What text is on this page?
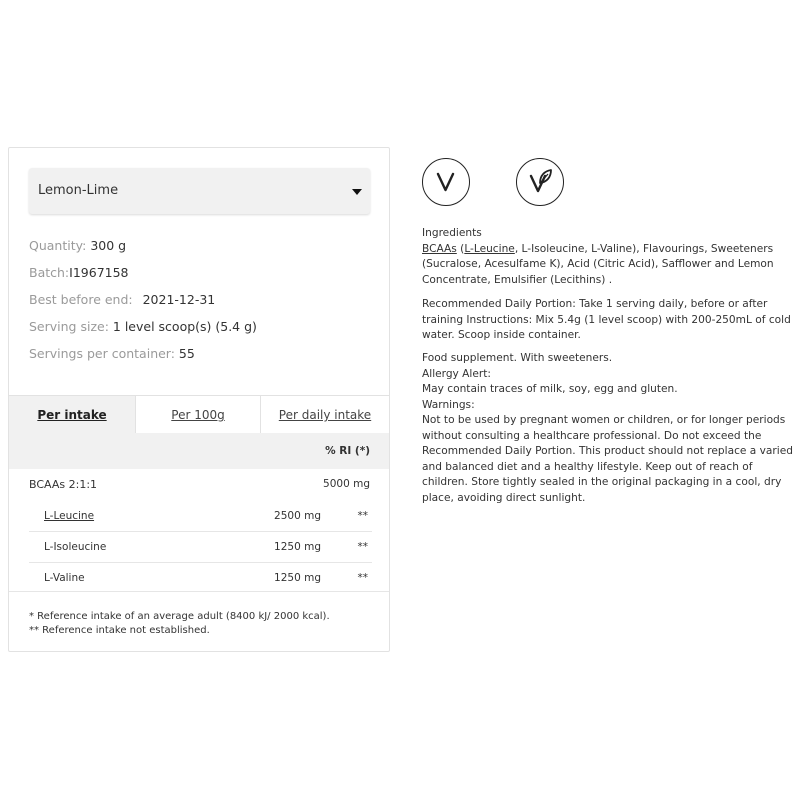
Lemon-Lime
Quantity: 300 g
Batch:I1967158
Best before end: 2021-12-31
Serving size: 1 level scoop(s) (5.4 g)
Servings per container: 55
Per intake	Per 100g	Per daily intake
% RI (*)
BCAAs 2:1:1	5000 mg
L-Leucine	2500 mg	**
L-Isoleucine	1250 mg	**
L-Valine	1250 mg	**
* Reference intake of an average adult (8400 kJ/ 2000 kcal).
** Reference intake not established.

Ingredients

BCAAs (L-Leucine, L-Isoleucine, L-Valine), Flavourings, Sweeteners (Sucralose, Acesulfame K), Acid (Citric Acid), Safflower and Lemon Concentrate, Emulsifier (Lecithins) .

Recommended Daily Portion: Take 1 serving daily, before or after training Instructions: Mix 5.4g (1 level scoop) with 200-250mL of cold water. Scoop inside container.

Food supplement. With sweeteners.

Allergy Alert:

May contain traces of milk, soy, egg and gluten.

Warnings:

Not to be used by pregnant women or children, or for longer periods without consulting a healthcare professional. Do not exceed the Recommended Daily Portion. This product should not replace a varied and balanced diet and a healthy lifestyle. Keep out of reach of children. Store tightly sealed in the original packaging in a cool, dry place, avoiding direct sunlight.
